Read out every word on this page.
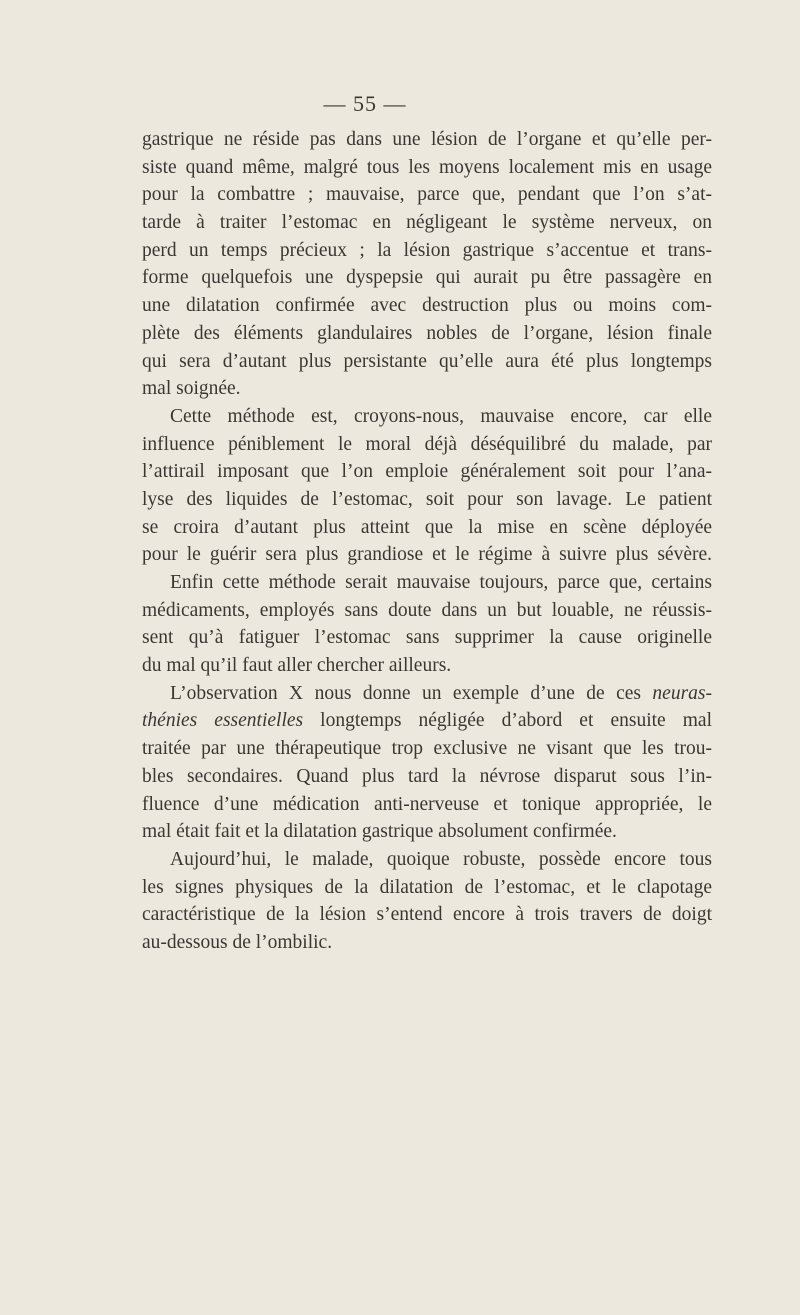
— 55 —
gastrique ne réside pas dans une lésion de l’organe et qu’elle per-
siste quand même, malgré tous les moyens localement mis en usage
pour la combattre ; mauvaise, parce que, pendant que l’on s’at-
tarde à traiter l’estomac en négligeant le système nerveux, on
perd un temps précieux ; la lésion gastrique s’accentue et trans-
forme quelquefois une dyspepsie qui aurait pu être passagère en
une dilatation confirmée avec destruction plus ou moins com-
plète des éléments glandulaires nobles de l’organe, lésion finale
qui sera d’autant plus persistante qu’elle aura été plus longtemps
mal soignée.
Cette méthode est, croyons-nous, mauvaise encore, car elle
influence péniblement le moral déjà déséquilibré du malade, par
l’attirail imposant que l’on emploie généralement soit pour l’ana-
lyse des liquides de l’estomac, soit pour son lavage. Le patient
se croira d’autant plus atteint que la mise en scène déployée
pour le guérir sera plus grandiose et le régime à suivre plus sévère.
Enfin cette méthode serait mauvaise toujours, parce que, certains
médicaments, employés sans doute dans un but louable, ne réussis-
sent qu’à fatiguer l’estomac sans supprimer la cause originelle
du mal qu’il faut aller chercher ailleurs.
L’observation X nous donne un exemple d’une de ces neuras-
thénies essentielles longtemps négligée d’abord et ensuite mal
traitée par une thérapeutique trop exclusive ne visant que les trou-
bles secondaires. Quand plus tard la névrose disparut sous l’in-
fluence d’une médication anti-nerveuse et tonique appropriée, le
mal était fait et la dilatation gastrique absolument confirmée.
Aujourd’hui, le malade, quoique robuste, possède encore tous
les signes physiques de la dilatation de l’estomac, et le clapotage
caractéristique de la lésion s’entend encore à trois travers de doigt
au-dessous de l’ombilic.
